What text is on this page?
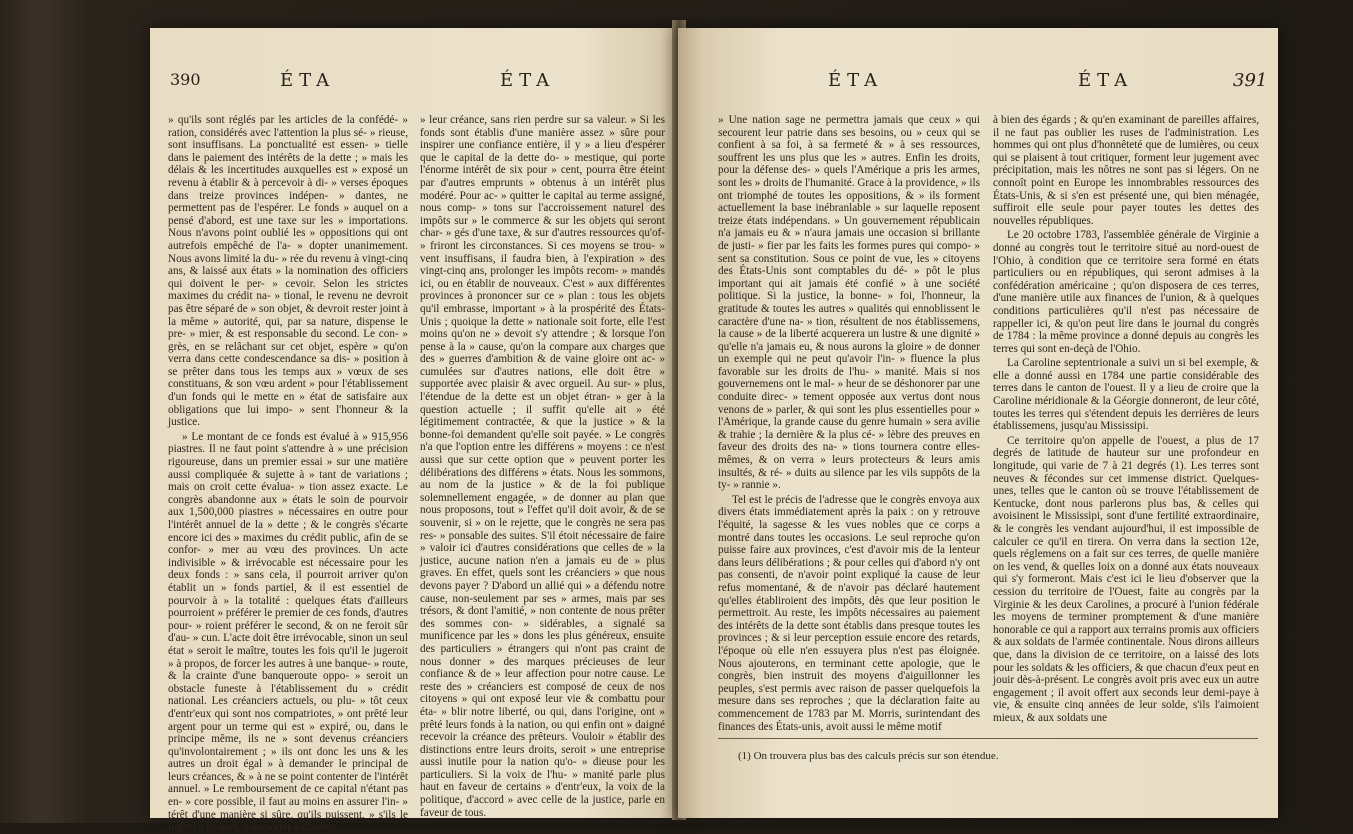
390	ÉTA	ÉTA

» qu'ils sont réglés par les articles de la confédé- » ration, considérés avec l'attention la plus sé- » rieuse, sont insuffisans. La ponctualité est essen- » tielle dans le paiement des intérêts de la dette ; » mais les délais & les incertitudes auxquelles est » exposé un revenu à établir & à percevoir à di- » verses époques dans treize provinces indépen- » dantes, ne permettent pas de l'espérer. Le fonds » auquel on a pensé d'abord, est une taxe sur les » importations. Nous n'avons point oublié les » oppositions qui ont autrefois empêché de l'a- » dopter unanimement. Nous avons limité la du- » rée du revenu à vingt-cinq ans, & laissé aux états » la nomination des officiers qui doivent le per- » cevoir. Selon les strictes maximes du crédit na- » tional, le revenu ne devroit pas être séparé de » son objet, & devroit rester joint à la même » autorité, qui, par sa nature, dispense le pre- » mier, & est responsable du second. Le con- » grès, en se relâchant sur cet objet, espère » qu'on verra dans cette condescendance sa dis- » position à se prêter dans tous les temps aux » vœux de ses constituans, & son vœu ardent » pour l'établissement d'un fonds qui le mette en » état de satisfaire aux obligations que lui impo- » sent l'honneur & la justice.

» Le montant de ce fonds est évalué à » 915,956 piastres. Il ne faut point s'attendre à » une précision rigoureuse, dans un premier essai » sur une matière aussi compliquée & sujette à » tant de variations ; mais on croit cette évalua- » tion assez exacte. Le congrès abandonne aux » états le soin de pourvoir aux 1,500,000 piastres » nécessaires en outre pour l'intérêt annuel de la » dette ; & le congrès s'écarte encore ici des » maximes du crédit public, afin de se confor- » mer au vœu des provinces. Un acte indivisible » & irrévocable est nécessaire pour les deux fonds : » sans cela, il pourroit arriver qu'on établit un » fonds partiel, & il est essentiel de pourvoir à » la totalité : quelques états d'ailleurs pourroient » préférer le premier de ces fonds, d'autres pour- » roient préférer le second, & on ne feroit sûr d'au- » cun. L'acte doit être irrévocable, sinon un seul état » seroit le maître, toutes les fois qu'il le jugeroit » à propos, de forcer les autres à une banque- » route, & la crainte d'une banqueroute oppo- » seroit un obstacle funeste à l'établissement du » crédit national. Les créanciers actuels, ou plu- » tôt ceux d'entr'eux qui sont nos compatriotes, » ont prêté leur argent pour un terme qui est » expiré, ou, dans le principe même, ils ne » sont devenus créanciers qu'involontairement ; » ils ont donc les uns & les autres un droit égal » à demander le principal de leurs créances, & » à ne se point contenter de l'intérêt annuel. » Le remboursement de ce capital n'étant pas en- » core possible, il faut au moins en assurer l'in- » térêt d'une manière si sûre, qu'ils puissent, » s'ils le jugent à propos, transporter à d'autres

» leur créance, sans rien perdre sur sa valeur. » Si les fonds sont établis d'une manière assez » sûre pour inspirer une confiance entière, il y » a lieu d'espérer que le capital de la dette do- » mestique, qui porte l'énorme intérêt de six pour » cent, pourra être éteint par d'autres emprunts » obtenus à un intérêt plus modéré. Pour ac- » quitter le capital au terme assigné, nous comp- » tons sur l'accroissement naturel des impôts sur » le commerce & sur les objets qui seront char- » gés d'une taxe, & sur d'autres ressources qu'of- » friront les circonstances. Si ces moyens se trou- » vent insuffisans, il faudra bien, à l'expiration » des vingt-cinq ans, prolonger les impôts recom- » mandés ici, ou en établir de nouveaux. C'est » aux différentes provinces à prononcer sur ce » plan : tous les objets qu'il embrasse, important » à la prospérité des États-Unis ; quoique la dette » nationale soit forte, elle l'est moins qu'on ne » devoit s'y attendre ; & lorsque l'on pense à la » cause, qu'on la compare aux charges que des » guerres d'ambition & de vaine gloire ont ac- » cumulées sur d'autres nations, elle doit être » supportée avec plaisir & avec orgueil. Au sur- » plus, l'étendue de la dette est un objet étran- » ger à la question actuelle ; il suffit qu'elle ait » été légitimement contractée, & que la justice » & la bonne-foi demandent qu'elle soit payée. » Le congrès n'a que l'option entre les différens » moyens : ce n'est aussi que sur cette option que » peuvent porter les délibérations des différens » états. Nous les sommons, au nom de la justice » & de la foi publique solemnellement engagée, » de donner au plan que nous proposons, tout » l'effet qu'il doit avoir, & de se souvenir, si » on le rejette, que le congrès ne sera pas res- » ponsable des suites. S'il étoit nécessaire de faire » valoir ici d'autres considérations que celles de » la justice, aucune nation n'en a jamais eu de » plus graves. En effet, quels sont les créanciers » que nous devons payer ? D'abord un allié qui » a défendu notre cause, non-seulement par ses » armes, mais par ses trésors, & dont l'amitié, » non contente de nous prêter des sommes con- » sidérables, a signalé sa munificence par les » dons les plus généreux, ensuite des particuliers » étrangers qui n'ont pas craint de nous donner » des marques précieuses de leur confiance & de » leur affection pour notre cause. Le reste des » créanciers est composé de ceux de nos citoyens » qui ont exposé leur vie & combattu pour éta- » blir notre liberté, ou qui, dans l'origine, ont » prêté leurs fonds à la nation, ou qui enfin ont » daigné recevoir la créance des prêteurs. Vouloir » établir des distinctions entre leurs droits, seroit » une entreprise aussi inutile pour la nation qu'o- » dieuse pour les particuliers. Si la voix de l'hu- » manité parle plus haut en faveur de certains » d'entr'eux, la voix de la politique, d'accord » avec celle de la justice, parle en faveur de tous.

ÉTA	ÉTA	391

» Une nation sage ne permettra jamais que ceux » qui secourent leur patrie dans ses besoins, ou » ceux qui se confient à sa foi, à sa fermeté & » à ses ressources, souffrent les uns plus que les » autres. Enfin les droits, pour la défense des- » quels l'Amérique a pris les armes, sont les » droits de l'humanité. Grace à la providence, » ils ont triomphé de toutes les oppositions, & » ils forment actuellement la base inébranlable » sur laquelle reposent treize états indépendans. » Un gouvernement républicain n'a jamais eu & » n'aura jamais une occasion si brillante de justi- » fier par les faits les formes pures qui compo- » sent sa constitution. Sous ce point de vue, les » citoyens des États-Unis sont comptables du dé- » pôt le plus important qui ait jamais été confié » à une société politique. Si la justice, la bonne- » foi, l'honneur, la gratitude & toutes les autres » qualités qui ennoblissent le caractère d'une na- » tion, résultent de nos établissemens, la cause » de la liberté acquerera un lustre & une dignité » qu'elle n'a jamais eu, & nous aurons la gloire » de donner un exemple qui ne peut qu'avoir l'in- » fluence la plus favorable sur les droits de l'hu- » manité. Mais si nos gouvernemens ont le mal- » heur de se déshonorer par une conduite direc- » tement opposée aux vertus dont nous venons de » parler, & qui sont les plus essentielles pour » l'Amérique, la grande cause du genre humain » sera avilie & trahie ; la dernière & la plus cé- » lèbre des preuves en faveur des droits des na- » tions tournera contre elles-mêmes, & on verra » leurs protecteurs & leurs amis insultés, & ré- » duits au silence par les vils suppôts de la ty- » rannie ».

Tel est le précis de l'adresse que le congrès envoya aux divers états immédiatement après la paix : on y retrouve l'équité, la sagesse & les vues nobles que ce corps a montré dans toutes les occasions. Le seul reproche qu'on puisse faire aux provinces, c'est d'avoir mis de la lenteur dans leurs délibérations ; & pour celles qui d'abord n'y ont pas consenti, de n'avoir point expliqué la cause de leur refus momentané, & de n'avoir pas déclaré hautement qu'elles établiroient des impôts, dès que leur position le permettroit. Au reste, les impôts nécessaires au paiement des intérêts de la dette sont établis dans presque toutes les provinces ; & si leur perception essuie encore des retards, l'époque où elle n'en essuyera plus n'est pas éloignée. Nous ajouterons, en terminant cette apologie, que le congrès, bien instruit des moyens d'aiguillonner les peuples, s'est permis avec raison de passer quelquefois la mesure dans ses reproches ; que la déclaration faite au commencement de 1783 par M. Morris, surintendant des finances des États-unis, avoit aussi le même motif

à bien des égards ; & qu'en examinant de pareilles affaires, il ne faut pas oublier les ruses de l'administration. Les hommes qui ont plus d'honnêteté que de lumières, ou ceux qui se plaisent à tout critiquer, forment leur jugement avec précipitation, mais les nôtres ne sont pas si légers. On ne connoît point en Europe les innombrables ressources des États-Unis, & si s'en est présenté une, qui bien ménagée, suffiroit elle seule pour payer toutes les dettes des nouvelles républiques.

Le 20 octobre 1783, l'assemblée générale de Virginie a donné au congrès tout le territoire situé au nord-ouest de l'Ohio, à condition que ce territoire sera formé en états particuliers ou en républiques, qui seront admises à la confédération américaine ; qu'on disposera de ces terres, d'une manière utile aux finances de l'union, & à quelques conditions particulières qu'il n'est pas nécessaire de rappeller ici, & qu'on peut lire dans le journal du congrès de 1784 : la même province a donné depuis au congrès les terres qui sont en-deçà de l'Ohio.

La Caroline septentrionale a suivi un si bel exemple, & elle a donné aussi en 1784 une partie considérable des terres dans le canton de l'ouest. Il y a lieu de croire que la Caroline méridionale & la Géorgie donneront, de leur côté, toutes les terres qui s'étendent depuis les derrières de leurs établissemens, jusqu'au Mississipi.

Ce territoire qu'on appelle de l'ouest, a plus de 17 degrés de latitude de hauteur sur une profondeur en longitude, qui varie de 7 à 21 degrés (1). Les terres sont neuves & fécondes sur cet immense district. Quelques-unes, telles que le canton où se trouve l'établissement de Kentucke, dont nous parlerons plus bas, & celles qui avoisinent le Mississipi, sont d'une fertilité extraordinaire, & le congrès les vendant aujourd'hui, il est impossible de calculer ce qu'il en tirera. On verra dans la section 12e, quels réglemens on a fait sur ces terres, de quelle manière on les vend, & quelles loix on a donné aux états nouveaux qui s'y formeront. Mais c'est ici le lieu d'observer que la cession du territoire de l'Ouest, faite au congrès par la Virginie & les deux Carolines, a procuré à l'union fédérale les moyens de terminer promptement & d'une manière honorable ce qui a rapport aux terrains promis aux officiers & aux soldats de l'armée continentale. Nous dirons ailleurs que, dans la division de ce territoire, on a laissé des lots pour les soldats & les officiers, & que chacun d'eux peut en jouir dès-à-présent. Le congrès avoit pris avec eux un autre engagement ; il avoit offert aux seconds leur demi-paye à vie, & ensuite cinq années de leur solde, s'ils l'aimoient mieux, & aux soldats une

(1) On trouvera plus bas des calculs précis sur son étendue.
